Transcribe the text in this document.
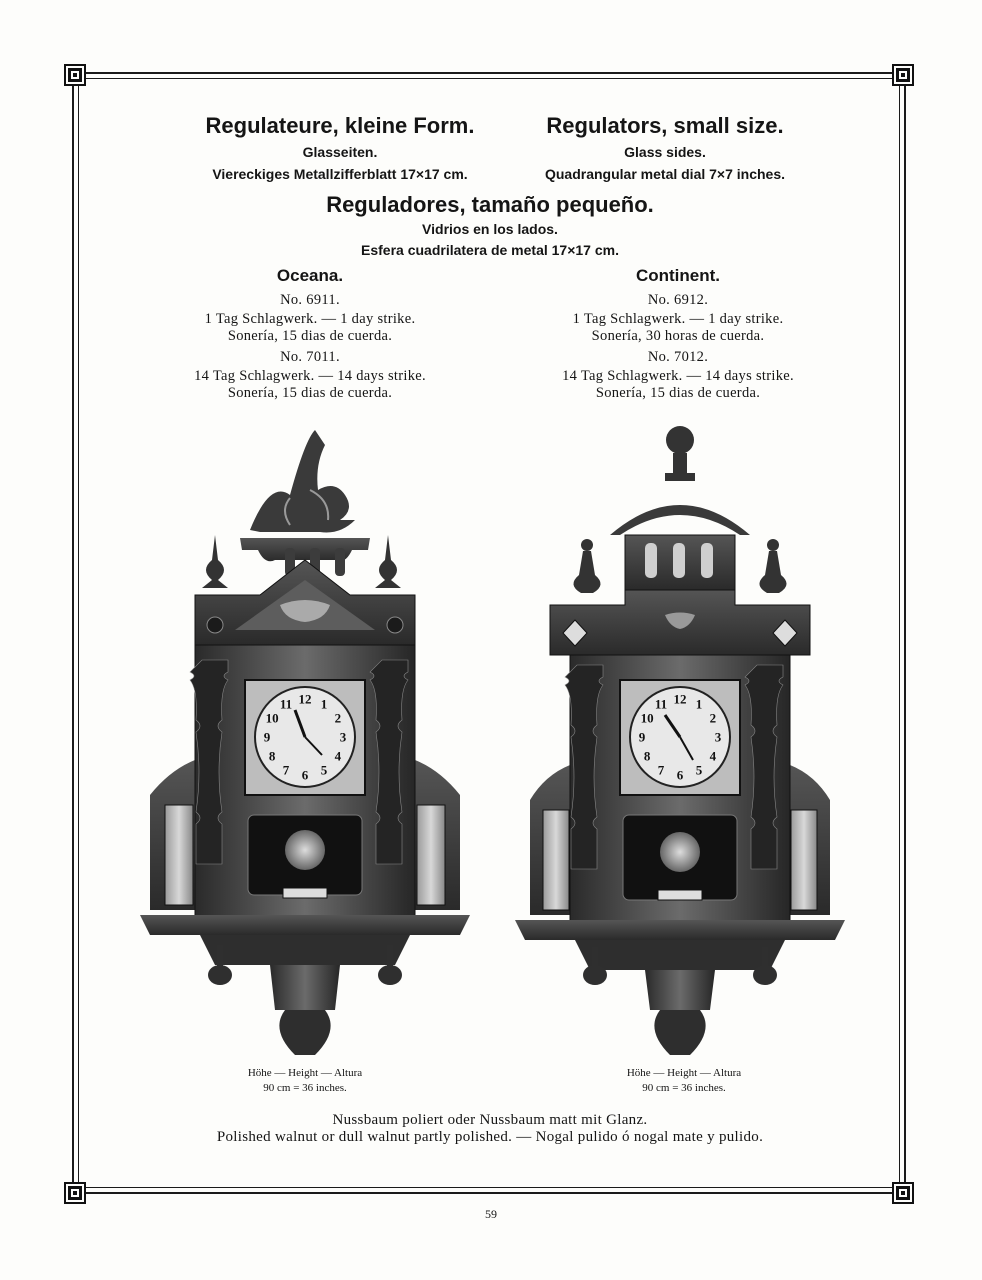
Regulateure, kleine Form.
Glasseiten.
Viereckiges Metallzifferblatt 17×17 cm.
Regulators, small size.
Glass sides.
Quadrangular metal dial 7×7 inches.
Reguladores, tamaño pequeño.
Vidrios en los lados.
Esfera cuadrilatera de metal 17×17 cm.
Oceana.
No. 6911.
1 Tag Schlagwerk. — 1 day strike.
Sonería, 15 dias de cuerda.
No. 7011.
14 Tag Schlagwerk. — 14 days strike.
Sonería, 15 dias de cuerda.
Continent.
No. 6912.
1 Tag Schlagwerk. — 1 day strike.
Sonería, 30 horas de cuerda.
No. 7012.
14 Tag Schlagwerk. — 14 days strike.
Sonería, 15 dias de cuerda.
12 1
2
3
4
5
6
7
8
9
10
11	12 1
2
3
4
5
6
7
8
9
10
11
Höhe — Height — Altura
90 cm = 36 inches.
Höhe — Height — Altura
90 cm = 36 inches.
Nussbaum poliert oder Nussbaum matt mit Glanz.
Polished walnut or dull walnut partly polished. — Nogal pulido ó nogal mate y pulido.
59
